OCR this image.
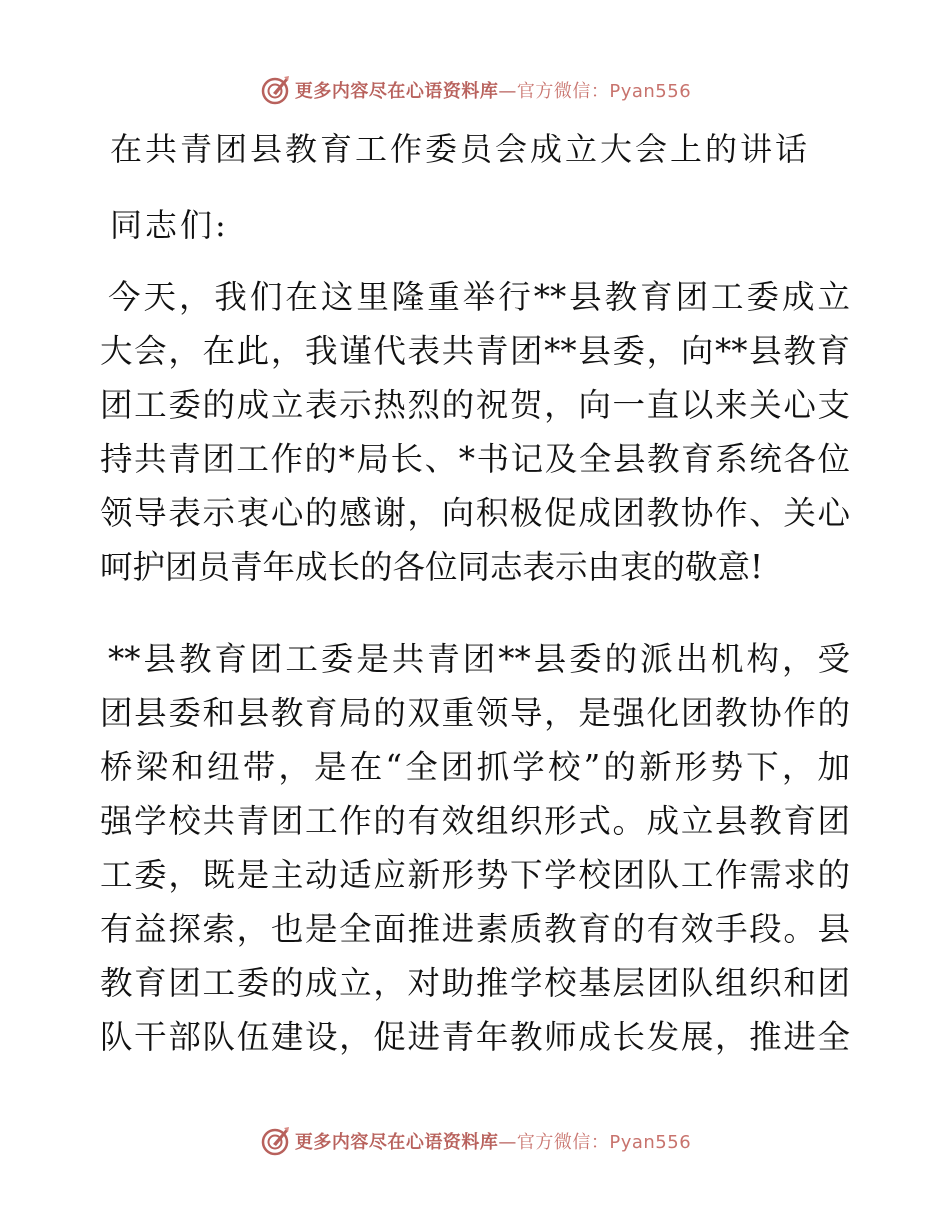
更多内容尽在心语资料库—官方微信：Pyan556
在共青团县教育工作委员会成立大会上的讲话
同志们:
今天，我们在这里隆重举行**县教育团工委成立
大会，在此，我谨代表共青团**县委，向**县教育
团工委的成立表示热烈的祝贺，向一直以来关心支
持共青团工作的*局长、*书记及全县教育系统各位
领导表示衷心的感谢，向积极促成团教协作、关心
呵护团员青年成长的各位同志表示由衷的敬意!
**县教育团工委是共青团**县委的派出机构，受
团县委和县教育局的双重领导，是强化团教协作的
桥梁和纽带，是在“全团抓学校”的新形势下，加
强学校共青团工作的有效组织形式。成立县教育团
工委，既是主动适应新形势下学校团队工作需求的
有益探索，也是全面推进素质教育的有效手段。县
教育团工委的成立，对助推学校基层团队组织和团
队干部队伍建设，促进青年教师成长发展，推进全
更多内容尽在心语资料库—官方微信：Pyan556
